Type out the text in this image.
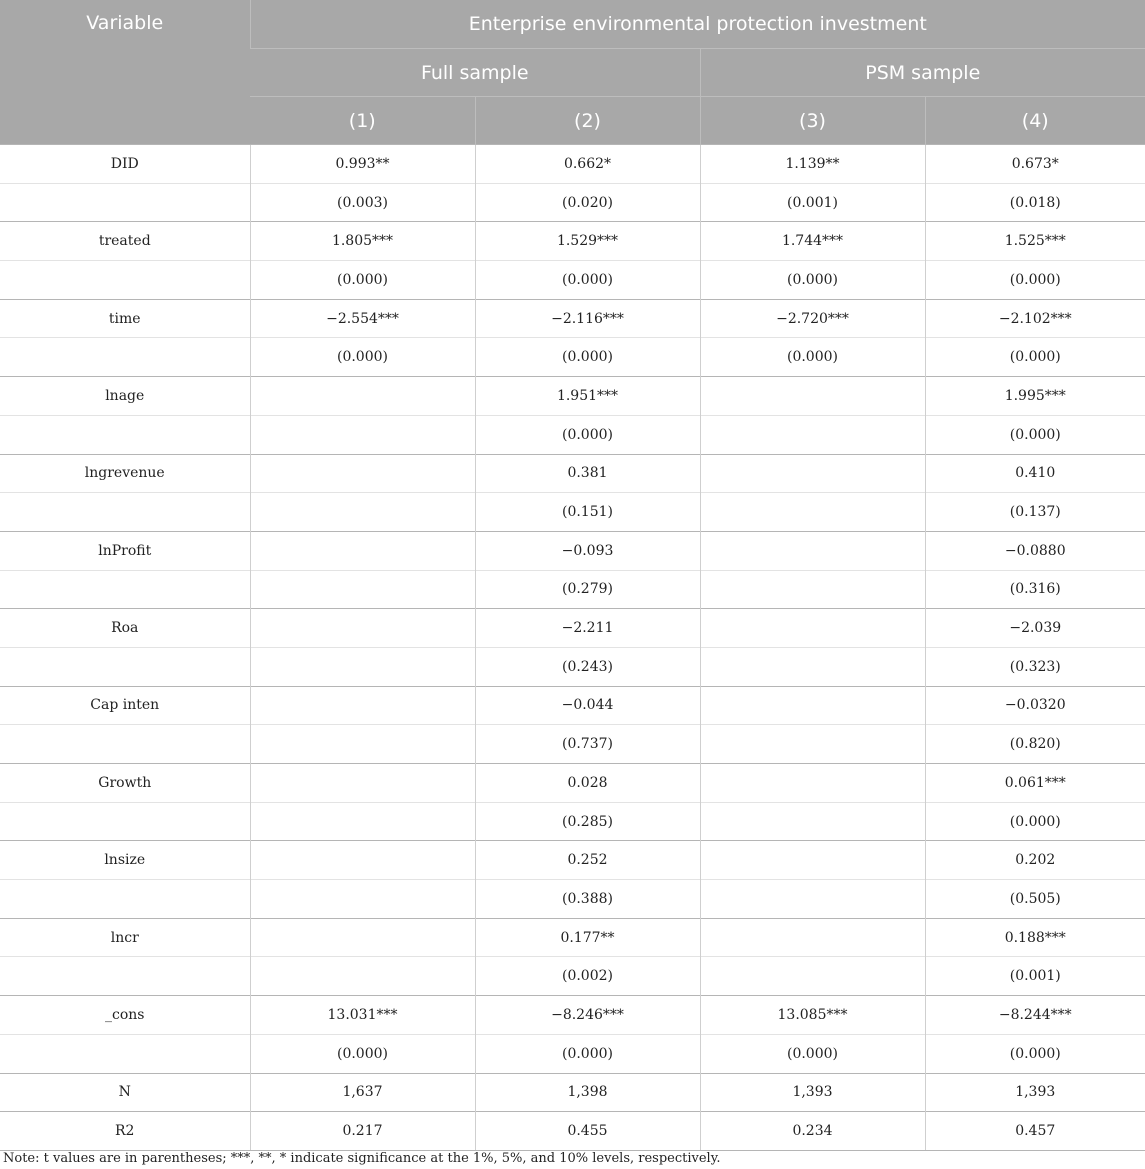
Variable	Enterprise environmental protection investment			
	Full sample		PSM sample	
	(1)	(2)	(3)	(4)
DID	0.993**	0.662*	1.139**	0.673*
	(0.003)	(0.020)	(0.001)	(0.018)
treated	1.805***	1.529***	1.744***	1.525***
	(0.000)	(0.000)	(0.000)	(0.000)
time	−2.554***	−2.116***	−2.720***	−2.102***
	(0.000)	(0.000)	(0.000)	(0.000)
lnage		1.951***		1.995***
		(0.000)		(0.000)
lngrevenue		0.381		0.410
		(0.151)		(0.137)
lnProfit		−0.093		−0.0880
		(0.279)		(0.316)
Roa		−2.211		−2.039
		(0.243)		(0.323)
Cap inten		−0.044		−0.0320
		(0.737)		(0.820)
Growth		0.028		0.061***
		(0.285)		(0.000)
lnsize		0.252		0.202
		(0.388)		(0.505)
lncr		0.177**		0.188***
		(0.002)		(0.001)
_cons	13.031***	−8.246***	13.085***	−8.244***
	(0.000)	(0.000)	(0.000)	(0.000)
N	1,637	1,398	1,393	1,393
R2	0.217	0.455	0.234	0.457
Note: t values are in parentheses; ***, **, * indicate significance at the 1%, 5%, and 10% levels, respectively.
